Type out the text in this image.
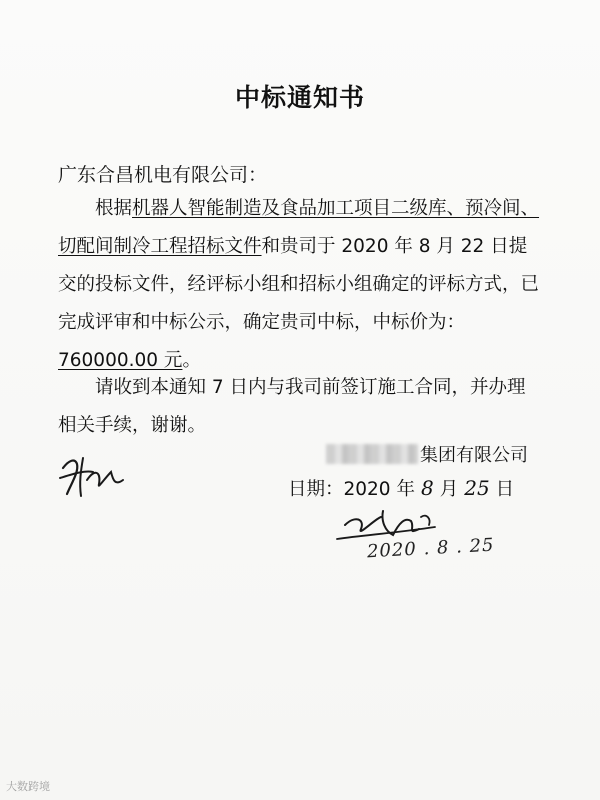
中标通知书
广东合昌机电有限公司：
根据机器人智能制造及食品加工项目二级库、预冷间、切配间制冷工程招标文件和贵司于 2020 年 8 月 22 日提交的投标文件，经评标小组和招标小组确定的评标方式，已完成评审和中标公示，确定贵司中标，中标价为：760000.00 元。
请收到本通知 7 日内与我司前签订施工合同，并办理相关手续，谢谢。
集团有限公司
日期：2020 年 8 月 25 日
2020 . 8 . 25
大数跨境
